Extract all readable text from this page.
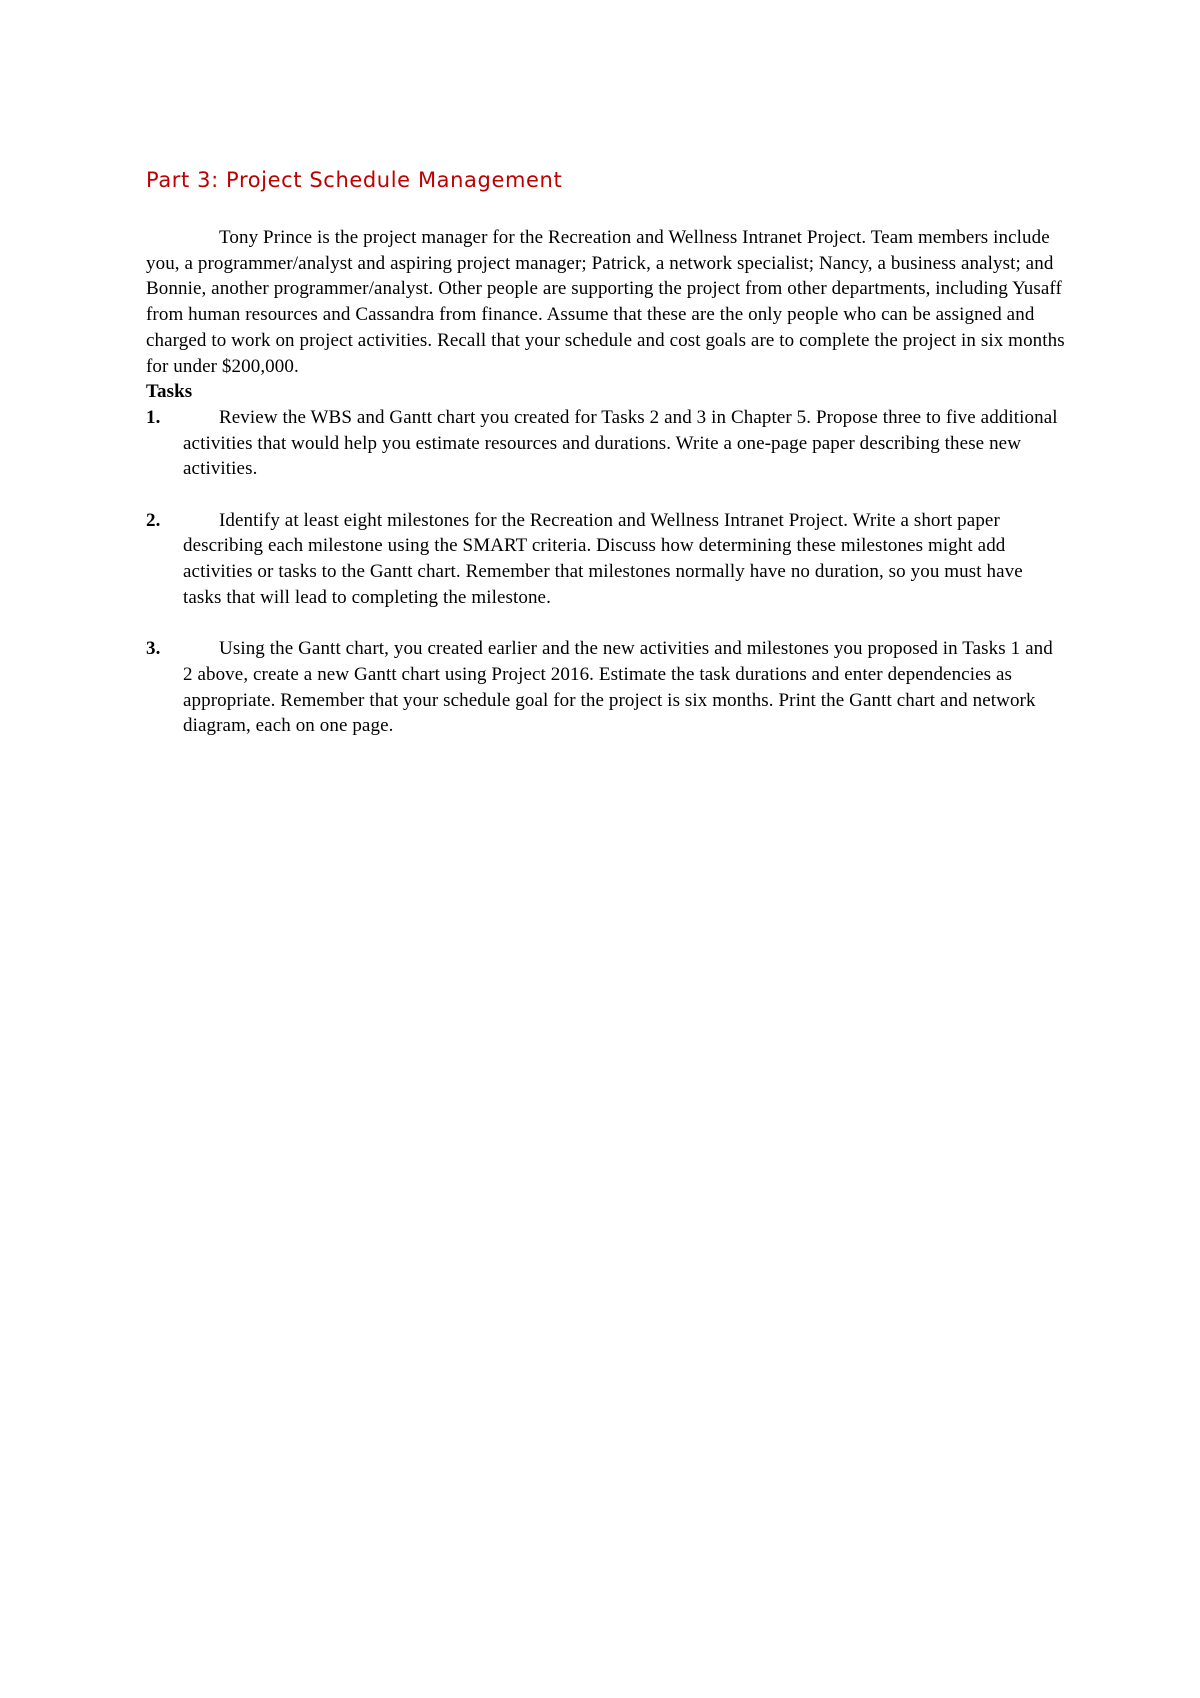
Part 3: Project Schedule Management

Tony Prince is the project manager for the Recreation and Wellness Intranet Project. Team members include you, a programmer/analyst and aspiring project manager; Patrick, a network specialist; Nancy, a business analyst; and Bonnie, another programmer/analyst. Other people are supporting the project from other departments, including Yusaff from human resources and Cassandra from finance. Assume that these are the only people who can be assigned and charged to work on project activities. Recall that your schedule and cost goals are to complete the project in six months for under $200,000.

Tasks

1.	Review the WBS and Gantt chart you created for Tasks 2 and 3 in Chapter 5. Propose three to five additional activities that would help you estimate resources and durations. Write a one-page paper describing these new activities.
2.	Identify at least eight milestones for the Recreation and Wellness Intranet Project. Write a short paper describing each milestone using the SMART criteria. Discuss how determining these milestones might add activities or tasks to the Gantt chart. Remember that milestones normally have no duration, so you must have tasks that will lead to completing the milestone.
3.	Using the Gantt chart, you created earlier and the new activities and milestones you proposed in Tasks 1 and 2 above, create a new Gantt chart using Project 2016. Estimate the task durations and enter dependencies as appropriate. Remember that your schedule goal for the project is six months. Print the Gantt chart and network diagram, each on one page.
